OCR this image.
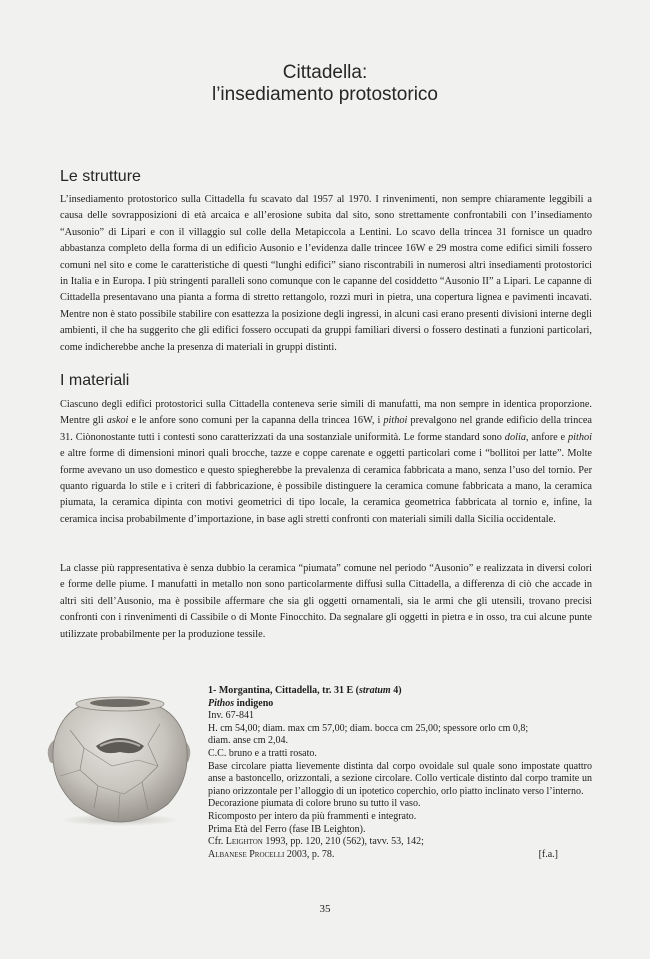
Cittadella:
l’insediamento protostorico
Le strutture

L’insediamento protostorico sulla Cittadella fu scavato dal 1957 al 1970. I rinvenimenti, non sempre chiaramente leggibili a causa delle sovrapposizioni di età arcaica e all’erosione subita dal sito, sono strettamente confrontabili con l’insediamento “Ausonio” di Lipari e con il villaggio sul colle della Metapiccola a Lentini. Lo scavo della trincea 31 fornisce un quadro abbastanza completo della forma di un edificio Ausonio e l’evidenza dalle trincee 16W e 29 mostra come edifici simili fossero comuni nel sito e come le caratteristiche di questi “lunghi edifici” siano riscontrabili in numerosi altri insediamenti protostorici in Italia e in Europa. I più stringenti paralleli sono comunque con le capanne del cosiddetto “Ausonio II” a Lipari. Le capanne di Cittadella presentavano una pianta a forma di stretto rettangolo, rozzi muri in pietra, una copertura lignea e pavimenti incavati. Mentre non è stato possibile stabilire con esattezza la posizione degli ingressi, in alcuni casi erano presenti divisioni interne degli ambienti, il che ha suggerito che gli edifici fossero occupati da gruppi familiari diversi o fossero destinati a funzioni particolari, come indicherebbe anche la presenza di materiali in gruppi distinti.

I materiali

Ciascuno degli edifici protostorici sulla Cittadella conteneva serie simili di manufatti, ma non sempre in identica proporzione. Mentre gli askoi e le anfore sono comuni per la capanna della trincea 16W, i pithoi prevalgono nel grande edificio della trincea 31. Ciònonostante tutti i contesti sono caratterizzati da una sostanziale uniformità. Le forme standard sono dolia, anfore e pithoi e altre forme di dimensioni minori quali brocche, tazze e coppe carenate e oggetti particolari come i “bollitoi per latte”. Molte forme avevano un uso domestico e questo spiegherebbe la prevalenza di ceramica fabbricata a mano, senza l’uso del tornio. Per quanto riguarda lo stile e i criteri di fabbricazione, è possibile distinguere la ceramica comune fabbricata a mano, la ceramica piumata, la ceramica dipinta con motivi geometrici di tipo locale, la ceramica geometrica fabbricata al tornio e, infine, la ceramica incisa probabilmente d’importazione, in base agli stretti confronti con materiali simili dalla Sicilia occidentale.

La classe più rappresentativa è senza dubbio la ceramica “piumata” comune nel periodo “Ausonio” e realizzata in diversi colori e forme delle piume. I manufatti in metallo non sono particolarmente diffusi sulla Cittadella, a differenza di ciò che accade in altri siti dell’Ausonio, ma è possibile affermare che sia gli oggetti ornamentali, sia le armi che gli utensili, trovano precisi confronti con i rinvenimenti di Cassibile o di Monte Finocchito. Da segnalare gli oggetti in pietra e in osso, tra cui alcune punte utilizzate probabilmente per la produzione tessile.

1- Morgantina, Cittadella, tr. 31 E (stratum 4)
Pithos indigeno
Inv. 67-841
H. cm 54,00; diam. max cm 57,00; diam. bocca cm 25,00; spessore orlo cm 0,8;
diam. anse cm 2,04.
C.C. bruno e a tratti rosato.
Base circolare piatta lievemente distinta dal corpo ovoidale sul quale sono impostate quattro anse a bastoncello, orizzontali, a sezione circolare. Collo verticale distinto dal corpo tramite un piano orizzontale per l’alloggio di un ipotetico coperchio, orlo piatto inclinato verso l’interno.
Decorazione piumata di colore bruno su tutto il vaso.
Ricomposto per intero da più frammenti e integrato.
Prima Età del Ferro (fase IB Leighton).
Cfr. Leighton 1993, pp. 120, 210 (562), tavv. 53, 142;
Albanese Procelli 2003, p. 78.	[f.a.]
35
